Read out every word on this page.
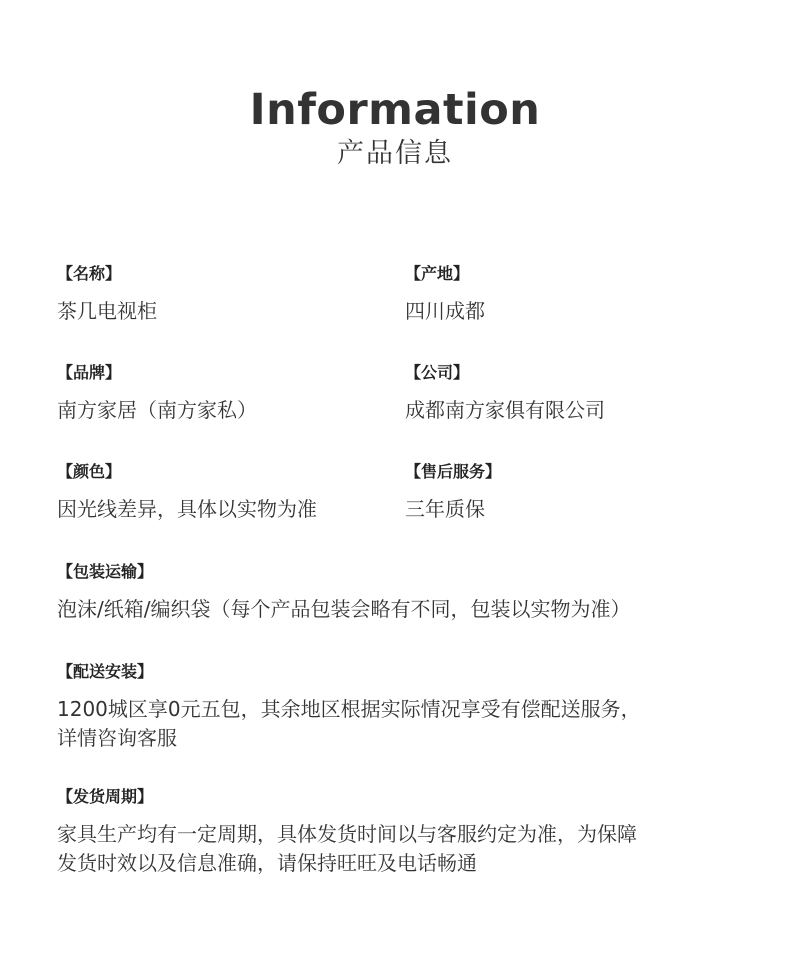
Information
产品信息
【名称】
茶几电视柜
【产地】
四川成都
【品牌】
南方家居（南方家私）
【公司】
成都南方家俱有限公司
【颜色】
因光线差异，具体以实物为准
【售后服务】
三年质保
【包装运输】
泡沫/纸箱/编织袋（每个产品包装会略有不同，包装以实物为准）
【配送安装】
1200城区享0元五包，其余地区根据实际情况享受有偿配送服务，
详情咨询客服
【发货周期】
家具生产均有一定周期，具体发货时间以与客服约定为准，为保障
发货时效以及信息准确，请保持旺旺及电话畅通
